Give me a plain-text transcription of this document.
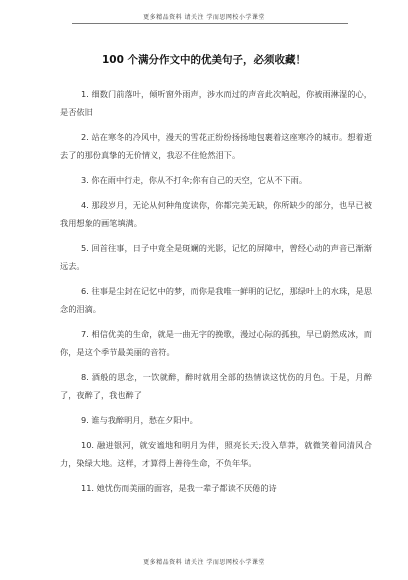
更多精品资料 请关注 学而思网校小学课堂
100 个满分作文中的优美句子，必须收藏！

1. 细数门前落叶，倾听窗外雨声，涉水而过的声音此次响起，你被雨淋湿的心，是否依旧

2. 站在寒冬的冷风中，漫天的雪花正纷纷扬扬地包裹着这座寒冷的城市。想着逝去了的那份真挚的无价情义，我忍不住怆然泪下。

3. 你在雨中行走，你从不打伞;你有自己的天空，它从不下雨。

4. 那段岁月，无论从何种角度读你，你都完美无缺，你所缺少的部分，也早已被我用想象的画笔填满。

5. 回首往事，日子中竟全是斑斓的光影，记忆的屏障中，曾经心动的声音已渐渐远去。

6. 往事是尘封在记忆中的梦，而你是我唯一鲜明的记忆，那绿叶上的水珠，是思念的泪滴。

7. 相信优美的生命，就是一曲无字的挽歌，漫过心际的孤独，早已蔚然成冰，而你，是这个季节最美丽的音符。

8. 酒般的思念，一饮就醉，醉时就用全部的热情读这忧伤的月色。于是，月醉了，夜醉了，我也醉了

9. 谁与我醉明月，愁在夕阳中。

10. 融进银河，就安谧地和明月为伴，照亮长天;没入草莽，就微笑着同清风合力，染绿大地。这样，才算得上善待生命，不负年华。

11. 她忧伤而美丽的面容，是我一辈子都读不厌倦的诗

更多精品资料 请关注 学而思网校小学课堂
